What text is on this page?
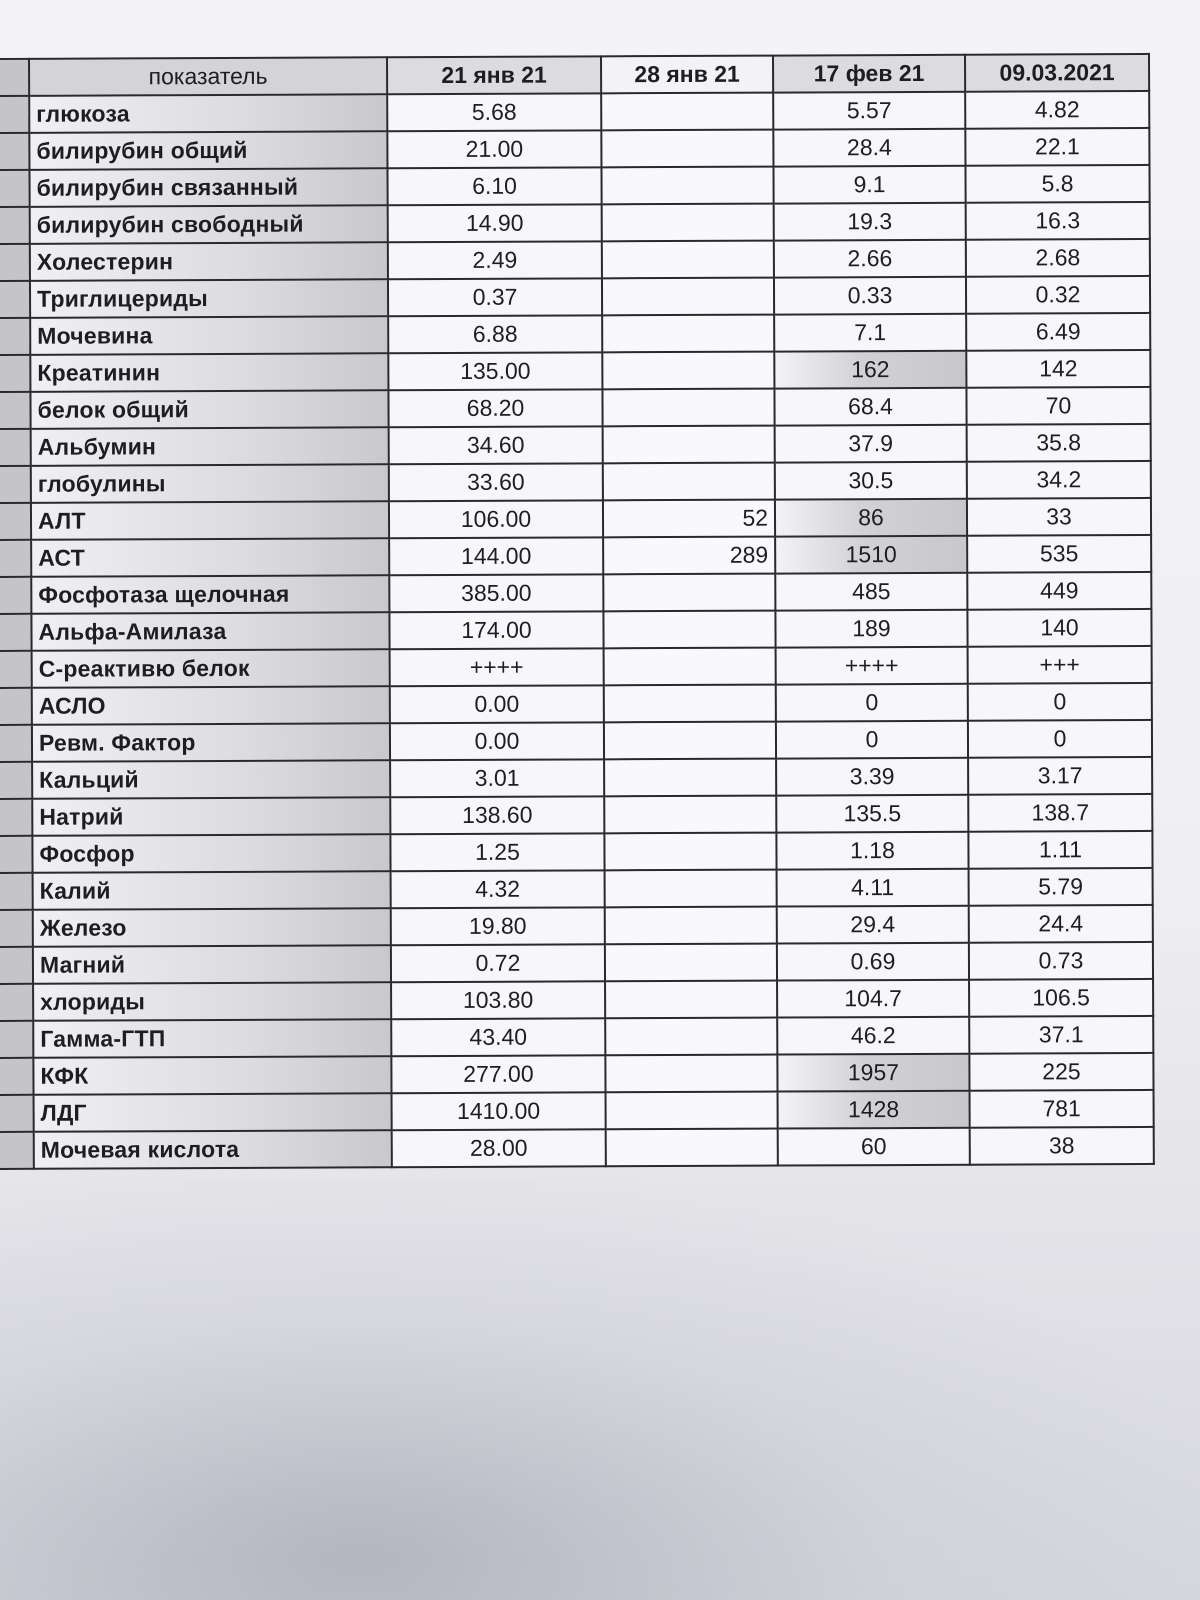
	показатель	21 янв 21	28 янв 21	17 фев 21	09.03.2021
	глюкоза	5.68		5.57	4.82
	билирубин общий	21.00		28.4	22.1
	билирубин связанный	6.10		9.1	5.8
	билирубин свободный	14.90		19.3	16.3
	Холестерин	2.49		2.66	2.68
	Триглицериды	0.37		0.33	0.32
	Мочевина	6.88		7.1	6.49
	Креатинин	135.00		162	142
	белок общий	68.20		68.4	70
	Альбумин	34.60		37.9	35.8
	глобулины	33.60		30.5	34.2
	АЛТ	106.00	52	86	33
	АСТ	144.00	289	1510	535
	Фосфотаза щелочная	385.00		485	449
	Альфа-Амилаза	174.00		189	140
	С-реактивю белок	++++		++++	+++
	АСЛО	0.00		0	0
	Ревм. Фактор	0.00		0	0
	Кальций	3.01		3.39	3.17
	Натрий	138.60		135.5	138.7
	Фосфор	1.25		1.18	1.11
	Калий	4.32		4.11	5.79
	Железо	19.80		29.4	24.4
	Магний	0.72		0.69	0.73
	хлориды	103.80		104.7	106.5
	Гамма-ГТП	43.40		46.2	37.1
	КФК	277.00		1957	225
	ЛДГ	1410.00		1428	781
	Мочевая кислота	28.00		60	38
